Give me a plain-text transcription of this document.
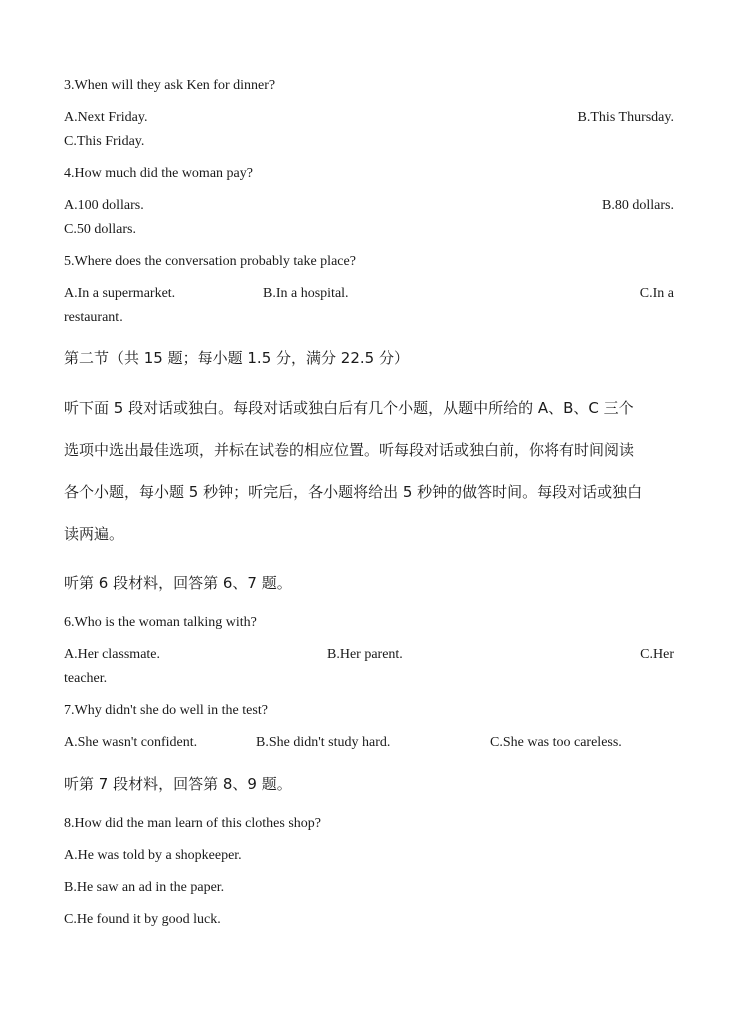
3.When will they ask Ken for dinner?
A.Next Friday.	B.This Thursday.
C.This Friday.
4.How much did the woman pay?
A.100 dollars.	B.80 dollars.
C.50 dollars.
5.Where does the conversation probably take place?
A.In a supermarket.	B.In a hospital.	C.In a
restaurant.
第二节（共 15 题；每小题 1.5 分，满分 22.5 分）
听下面 5 段对话或独白。每段对话或独白后有几个小题，从题中所给的 A、B、C 三个
选项中选出最佳选项，并标在试卷的相应位置。听每段对话或独白前，你将有时间阅读
各个小题，每小题 5 秒钟；听完后，各小题将给出 5 秒钟的做答时间。每段对话或独白
读两遍。
听第 6 段材料，回答第 6、7 题。
6.Who is the woman talking with?
A.Her classmate.	B.Her parent.	C.Her
teacher.
7.Why didn't she do well in the test?
A.She wasn't confident.	B.She didn't study hard.	C.She was too careless.
听第 7 段材料，回答第 8、9 题。
8.How did the man learn of this clothes shop?
A.He was told by a shopkeeper.
B.He saw an ad in the paper.
C.He found it by good luck.
